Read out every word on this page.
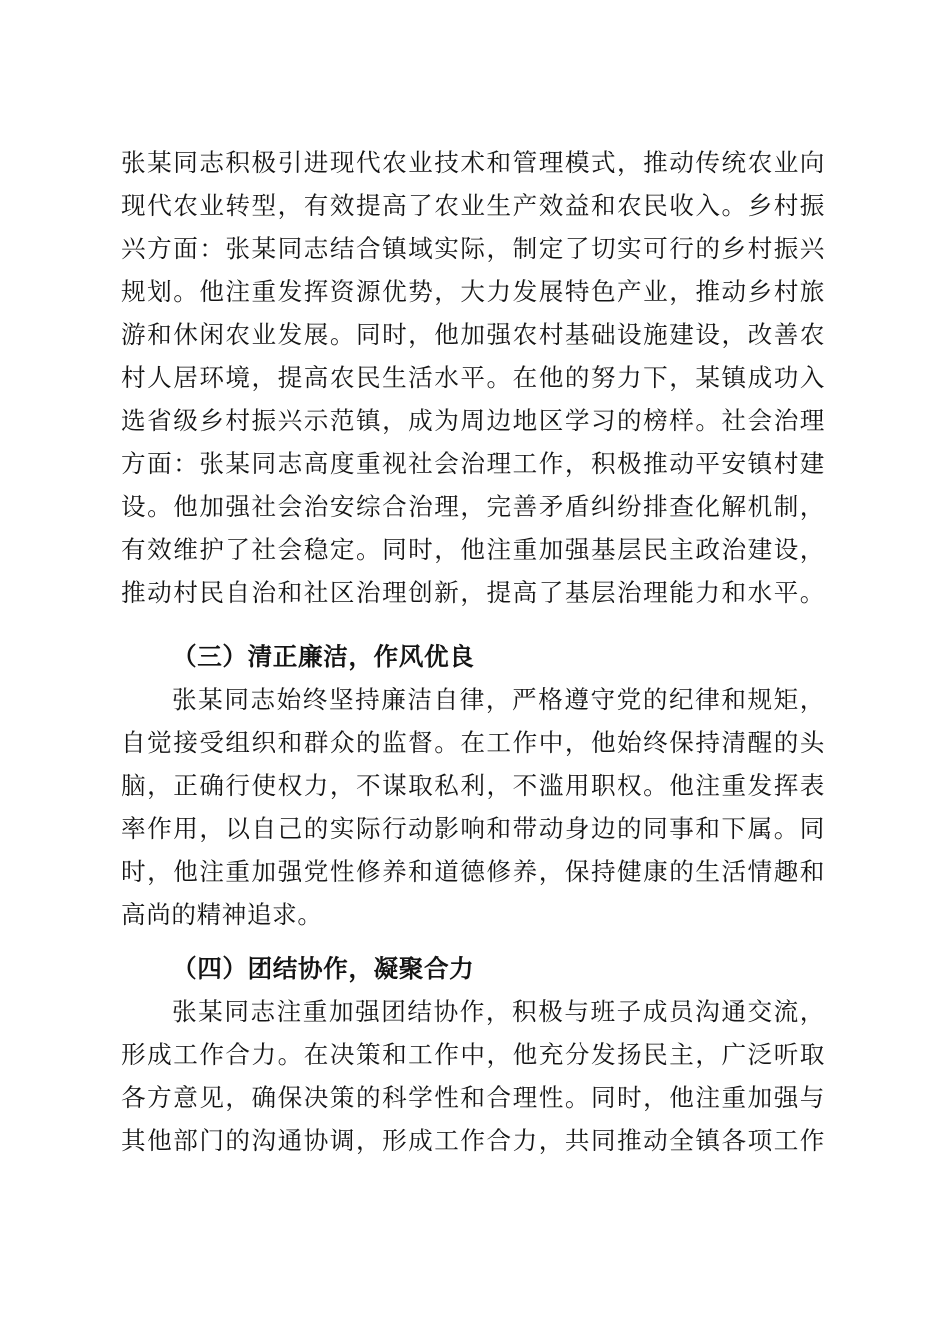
张某同志积极引进现代农业技术和管理模式，推动传统农业向
现代农业转型，有效提高了农业生产效益和农民收入。乡村振
兴方面：张某同志结合镇域实际，制定了切实可行的乡村振兴
规划。他注重发挥资源优势，大力发展特色产业，推动乡村旅
游和休闲农业发展。同时，他加强农村基础设施建设，改善农
村人居环境，提高农民生活水平。在他的努力下，某镇成功入
选省级乡村振兴示范镇，成为周边地区学习的榜样。社会治理
方面：张某同志高度重视社会治理工作，积极推动平安镇村建
设。他加强社会治安综合治理，完善矛盾纠纷排查化解机制，
有效维护了社会稳定。同时，他注重加强基层民主政治建设，
推动村民自治和社区治理创新，提高了基层治理能力和水平。
（三）清正廉洁，作风优良
张某同志始终坚持廉洁自律，严格遵守党的纪律和规矩，
自觉接受组织和群众的监督。在工作中，他始终保持清醒的头
脑，正确行使权力，不谋取私利，不滥用职权。他注重发挥表
率作用，以自己的实际行动影响和带动身边的同事和下属。同
时，他注重加强党性修养和道德修养，保持健康的生活情趣和
高尚的精神追求。
（四）团结协作，凝聚合力
张某同志注重加强团结协作，积极与班子成员沟通交流，
形成工作合力。在决策和工作中，他充分发扬民主，广泛听取
各方意见，确保决策的科学性和合理性。同时，他注重加强与
其他部门的沟通协调，形成工作合力，共同推动全镇各项工作
